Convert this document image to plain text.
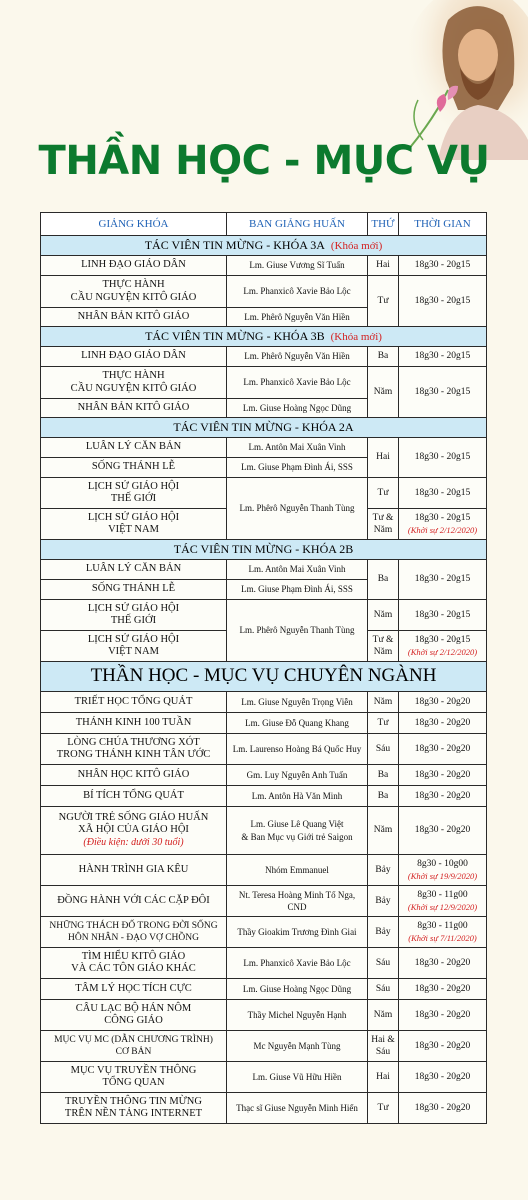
THẦN HỌC - MỤC VỤ
GIẢNG KHÓA	BAN GIẢNG HUẤN	THỨ	THỜI GIAN
TÁC VIÊN TIN MỪNG - KHÓA 3A (Khóa mới)			
LINH ĐẠO GIÁO DÂN	Lm. Giuse Vương Sĩ Tuấn	Hai	18g30 - 20g15

THỰC HÀNH
CẦU NGUYỆN KITÔ GIÁO	Lm. Phanxicô Xavie Bảo Lộc	Tư	18g30 - 20g15
NHÂN BẢN KITÔ GIÁO	Lm. Phêrô Nguyễn Văn Hiền		
TÁC VIÊN TIN MỪNG - KHÓA 3B (Khóa mới)			
LINH ĐẠO GIÁO DÂN	Lm. Phêrô Nguyễn Văn Hiền	Ba	18g30 - 20g15

THỰC HÀNH
CẦU NGUYỆN KITÔ GIÁO	Lm. Phanxicô Xavie Bảo Lộc	Năm	18g30 - 20g15
NHÂN BẢN KITÔ GIÁO	Lm. Giuse Hoàng Ngọc Dũng		
TÁC VIÊN TIN MỪNG - KHÓA 2A			
LUÂN LÝ CĂN BẢN	Lm. Antôn Mai Xuân Vinh	Hai	18g30 - 20g15
SỐNG THÁNH LỄ	Lm. Giuse Phạm Đình Ái, SSS		

LỊCH SỬ GIÁO HỘI
THẾ GIỚI	Lm. Phêrô Nguyễn Thanh Tùng	Tư	18g30 - 20g15

LỊCH SỬ GIÁO HỘI
VIỆT NAM		Tư & Năm	18g30 - 20g15
(Khởi sự 2/12/2020)

TÁC VIÊN TIN MỪNG - KHÓA 2B			
LUÂN LÝ CĂN BẢN	Lm. Antôn Mai Xuân Vinh	Ba	18g30 - 20g15
SỐNG THÁNH LỄ	Lm. Giuse Phạm Đình Ái, SSS		

LỊCH SỬ GIÁO HỘI
THẾ GIỚI	Lm. Phêrô Nguyễn Thanh Tùng	Năm	18g30 - 20g15

LỊCH SỬ GIÁO HỘI
VIỆT NAM		Tư & Năm	18g30 - 20g15
(Khởi sự 2/12/2020)

THẦN HỌC - MỤC VỤ CHUYÊN NGÀNH			
TRIẾT HỌC TỔNG QUÁT	Lm. Giuse Nguyễn Trọng Viễn	Năm	18g30 - 20g20
THÁNH KINH 100 TUẦN	Lm. Giuse Đỗ Quang Khang	Tư	18g30 - 20g20

LÒNG CHÚA THƯƠNG XÓT
TRONG THÁNH KINH TÂN ƯỚC	Lm. Laurenso Hoàng Bá Quốc Huy	Sáu	18g30 - 20g20
NHÂN HỌC KITÔ GIÁO	Gm. Luy Nguyễn Anh Tuấn	Ba	18g30 - 20g20
BÍ TÍCH TỔNG QUÁT	Lm. Antôn Hà Văn Minh	Ba	18g30 - 20g20

NGƯỜI TRẺ SỐNG GIÁO HUẤN
XÃ HỘI CỦA GIÁO HỘI
(Điều kiện: dưới 30 tuổi)	Lm. Giuse Lê Quang Việt
& Ban Mục vụ Giới trẻ Saigon	Năm	18g30 - 20g20
HÀNH TRÌNH GIA KÊU	Nhóm Emmanuel	Bảy	8g30 - 10g00
(Khởi sự 19/9/2020)

ĐỒNG HÀNH VỚI CÁC CẶP ĐÔI	Nt. Teresa Hoàng Minh Tố Nga,
CND	Bảy	8g30 - 11g00
(Khởi sự 12/9/2020)

NHỮNG THÁCH ĐỐ TRONG ĐỜI SỐNG
HÔN NHÂN - ĐẠO VỢ CHỒNG	Thầy Gioakim Trương Đình Giai	Bảy	8g30 - 11g00
(Khởi sự 7/11/2020)

TÌM HIỂU KITÔ GIÁO
VÀ CÁC TÔN GIÁO KHÁC	Lm. Phanxicô Xavie Bảo Lộc	Sáu	18g30 - 20g20
TÂM LÝ HỌC TÍCH CỰC	Lm. Giuse Hoàng Ngọc Dũng	Sáu	18g30 - 20g20

CÂU LẠC BỘ HÁN NÔM
CÔNG GIÁO	Thầy Michel Nguyễn Hạnh	Năm	18g30 - 20g20

MỤC VỤ MC (DẪN CHƯƠNG TRÌNH)
CƠ BẢN	Mc Nguyễn Mạnh Tùng	Hai & Sáu	18g30 - 20g20

MỤC VỤ TRUYỀN THÔNG
TỔNG QUAN	Lm. Giuse Vũ Hữu Hiền	Hai	18g30 - 20g20

TRUYỀN THÔNG TIN MỪNG
TRÊN NỀN TẢNG INTERNET	Thạc sĩ Giuse Nguyễn Minh Hiển	Tư	18g30 - 20g20
